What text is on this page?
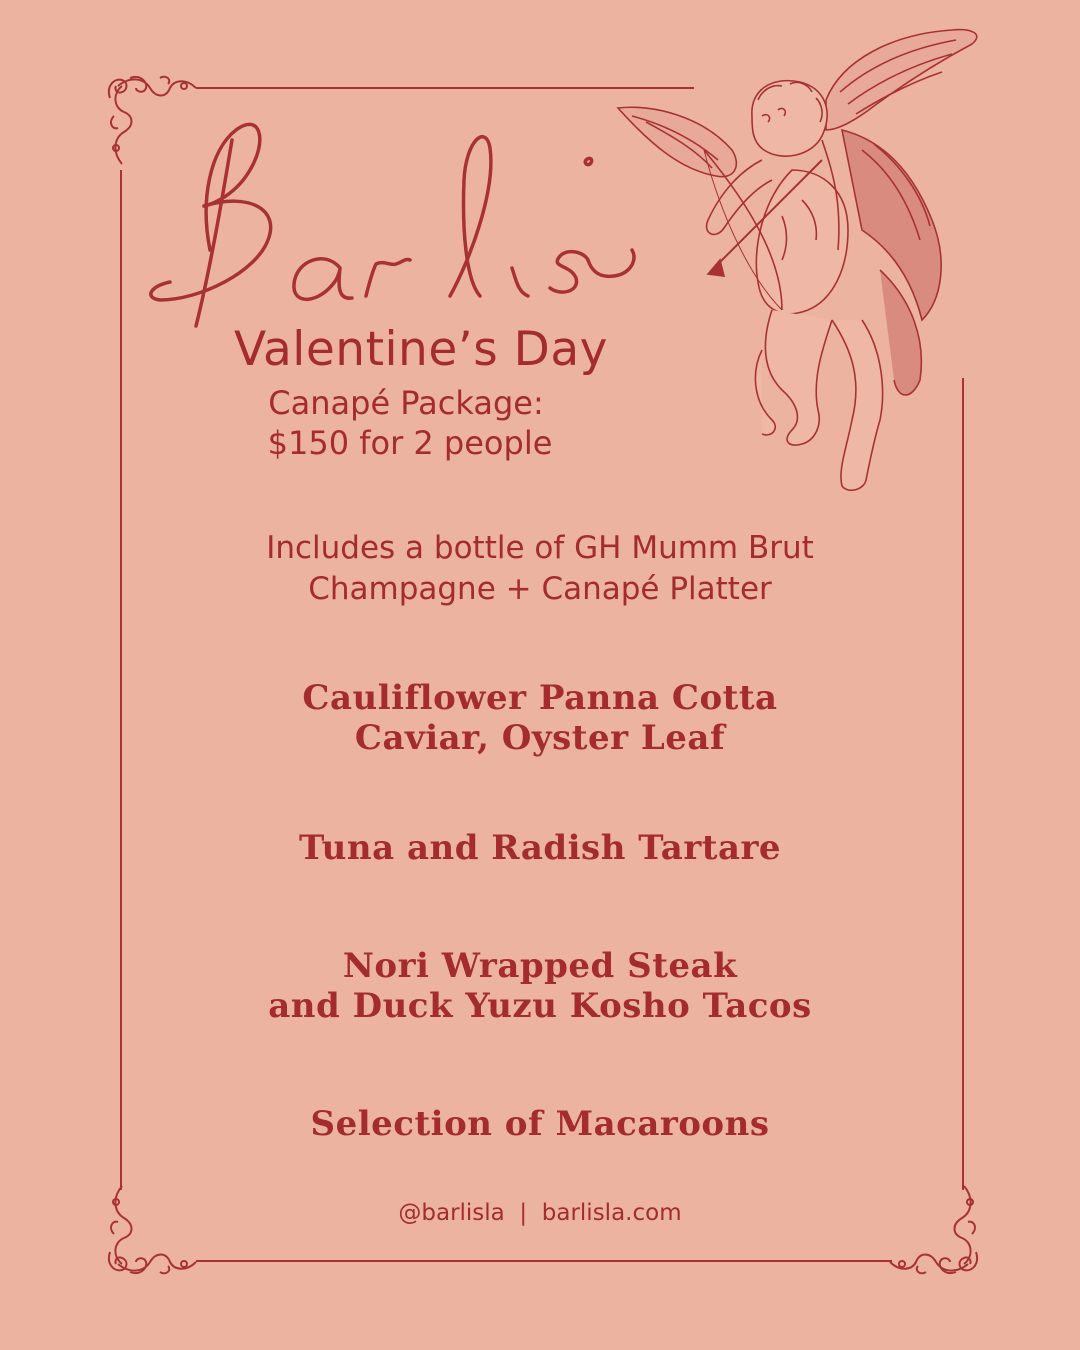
Valentine’s Day
Canapé Package:
$150 for 2 people
Includes a bottle of GH Mumm Brut
Champagne + Canapé Platter
Cauliflower Panna Cotta
Caviar, Oyster Leaf
Tuna and Radish Tartare
Nori Wrapped Steak
and Duck Yuzu Kosho Tacos
Selection of Macaroons
@barlisla  |  barlisla.com
